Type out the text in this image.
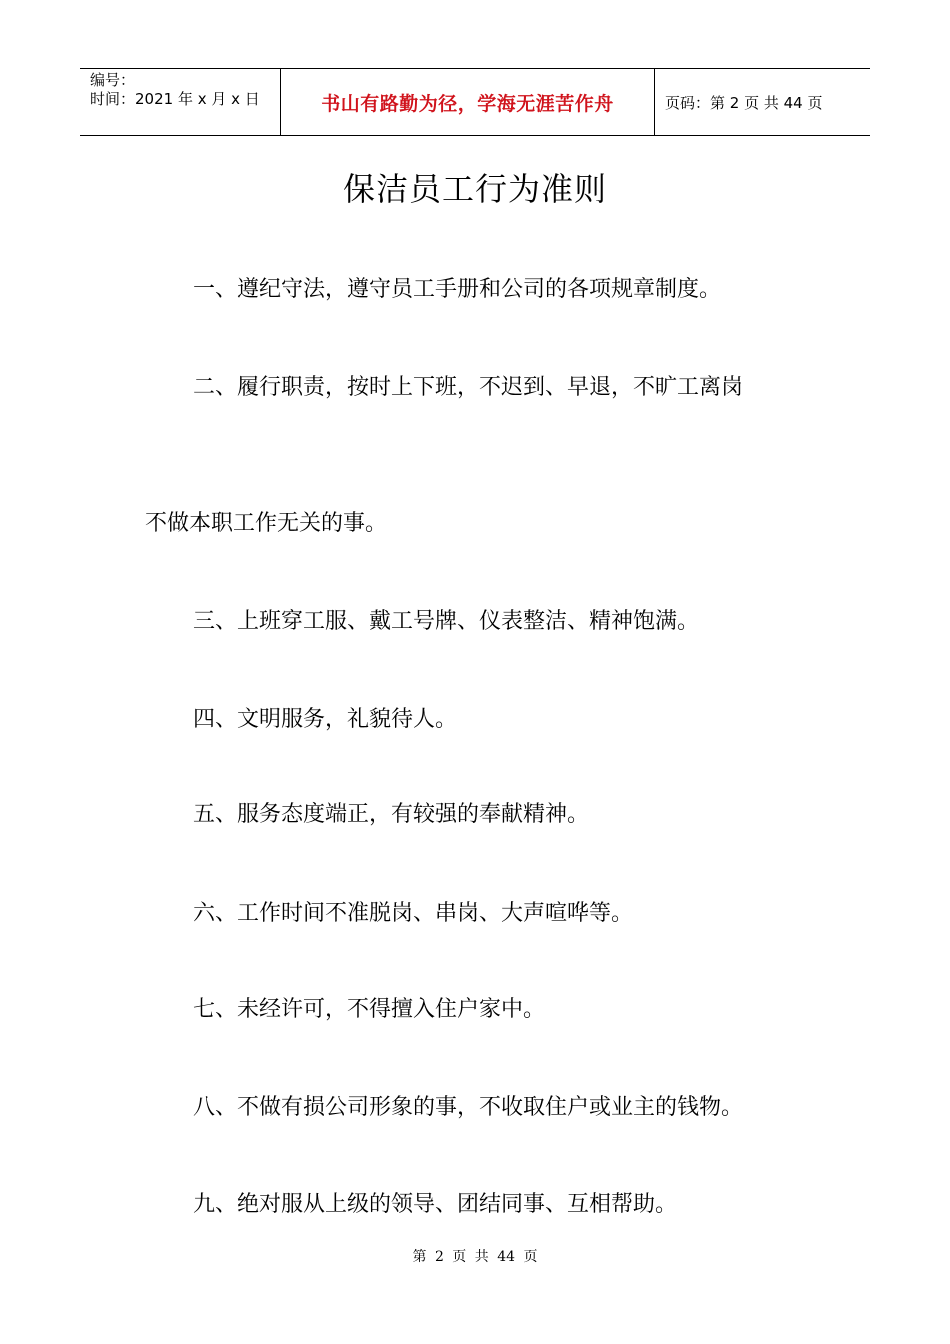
编号：
时间：2021 年 x 月 x 日	书山有路勤为径，学海无涯苦作舟	页码：第 2 页 共 44 页
保洁员工行为准则
一、遵纪守法，遵守员工手册和公司的各项规章制度。
二、履行职责，按时上下班，不迟到、早退，不旷工离岗
不做本职工作无关的事。
三、上班穿工服、戴工号牌、仪表整洁、精神饱满。
四、文明服务，礼貌待人。
五、服务态度端正，有较强的奉献精神。
六、工作时间不准脱岗、串岗、大声喧哗等。
七、未经许可，不得擅入住户家中。
八、不做有损公司形象的事，不收取住户或业主的钱物。
九、绝对服从上级的领导、团结同事、互相帮助。
第 2 页 共 44 页
